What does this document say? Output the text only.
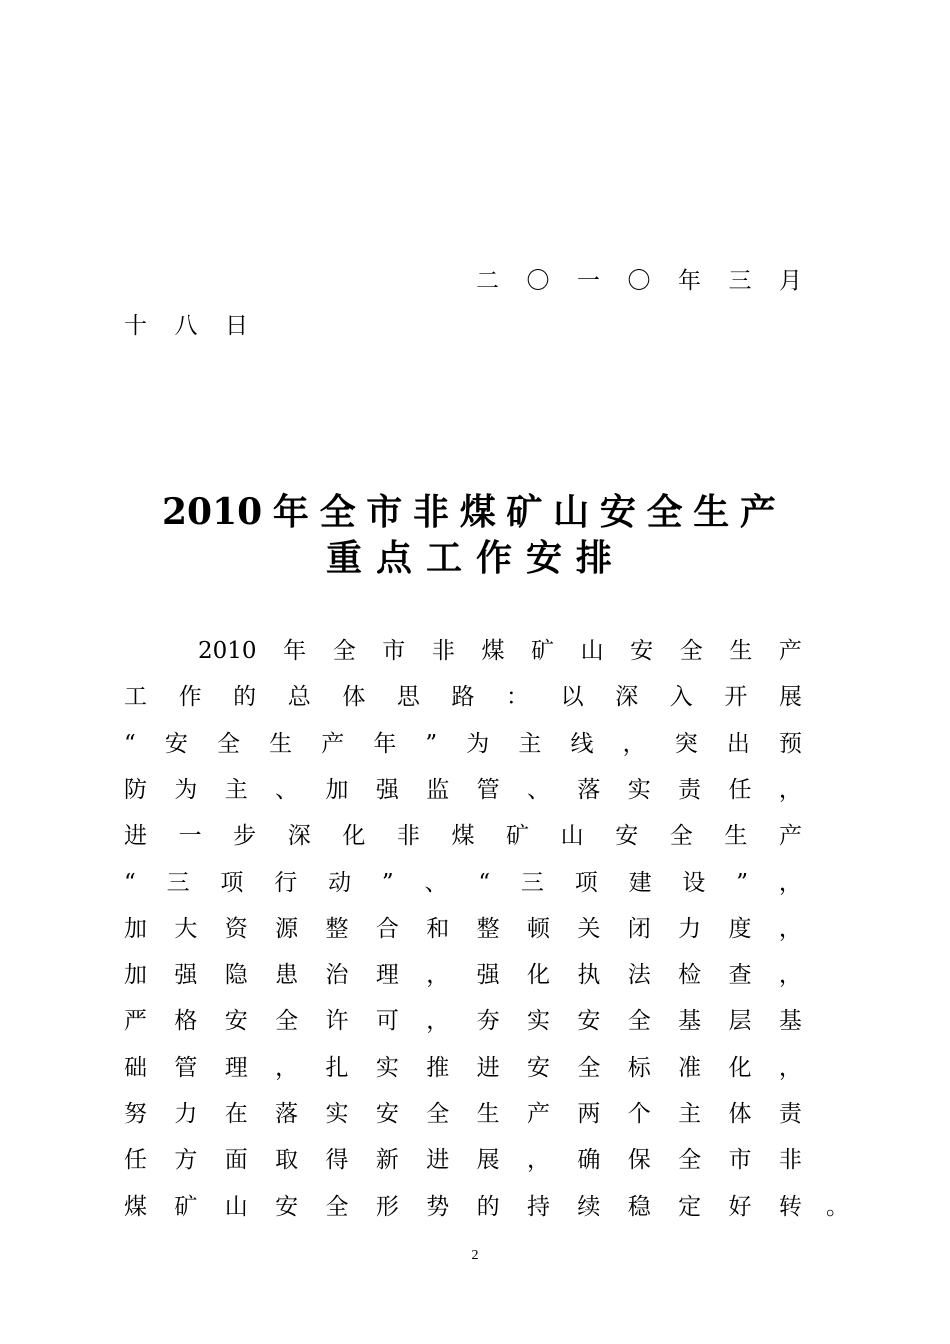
二 〇 一 〇 年 三 月
十 八 日
2010 年 全 市 非 煤 矿 山 安 全 生 产
重 点 工 作 安 排
2010 年 全 市 非 煤 矿 山 安 全 生 产
工 作 的 总 体 思 路 ： 以 深 入 开 展
“ 安 全 生 产 年 ” 为 主 线 ， 突 出 预
防 为 主 、 加 强 监 管 、 落 实 责 任 ，
进 一 步 深 化 非 煤 矿 山 安 全 生 产
“ 三 项 行 动 ” 、 “ 三 项 建 设 ” ，
加 大 资 源 整 合 和 整 顿 关 闭 力 度 ，
加 强 隐 患 治 理 ， 强 化 执 法 检 查 ，
严 格 安 全 许 可 ， 夯 实 安 全 基 层 基
础 管 理 ， 扎 实 推 进 安 全 标 准 化 ，
努 力 在 落 实 安 全 生 产 两 个 主 体 责
任 方 面 取 得 新 进 展 ， 确 保 全 市 非
煤 矿 山 安 全 形 势 的 持 续 稳 定 好 转 。
2
